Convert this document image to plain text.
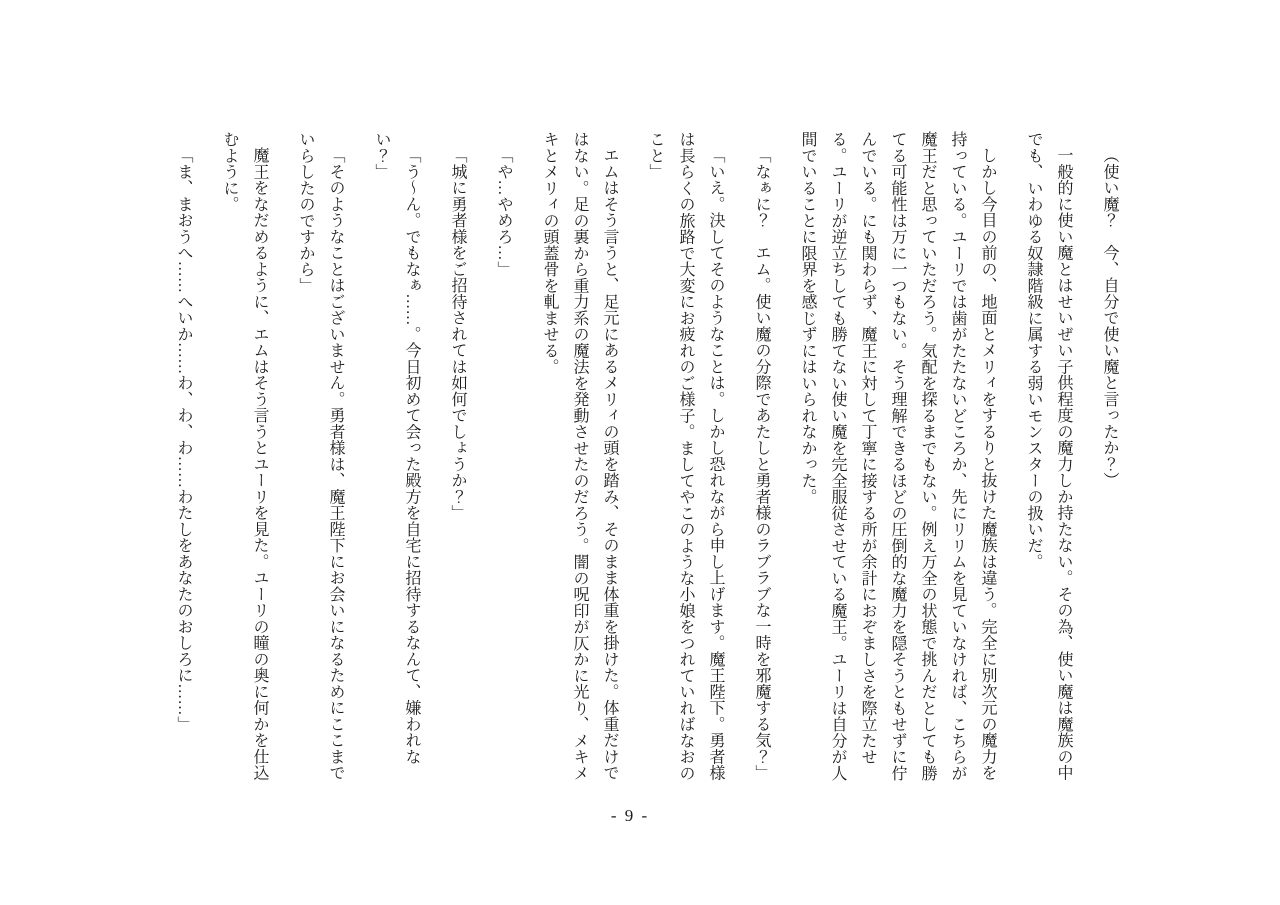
（使い魔？　今、自分で使い魔と言ったか？）

一般的に使い魔とはせいぜい子供程度の魔力しか持たない。その為、使い魔は魔族の中でも、いわゆる奴隷階級に属する弱いモンスターの扱いだ。

しかし今目の前の、地面とメリィをするりと抜けた魔族は違う。完全に別次元の魔力を持っている。ユーリでは歯がたたないどころか、先にリリムを見ていなければ、こちらが魔王だと思っていただろう。気配を探るまでもない。例え万全の状態で挑んだとしても勝てる可能性は万に一つもない。そう理解できるほどの圧倒的な魔力を隠そうともせずに佇んでいる。にも関わらず、魔王に対して丁寧に接する所が余計におぞましさを際立たせる。ユーリが逆立ちしても勝てない使い魔を完全服従させている魔王。ユーリは自分が人間でいることに限界を感じずにはいられなかった。

「なぁに？　エム。使い魔の分際であたしと勇者様のラブラブな一時を邪魔する気？」

「いえ。決してそのようなことは。しかし恐れながら申し上げます。魔王陛下。勇者様は長らくの旅路で大変にお疲れのご様子。ましてやこのような小娘をつれていればなおのこと」

エムはそう言うと、足元にあるメリィの頭を踏み、そのまま体重を掛けた。体重だけではない。足の裏から重力系の魔法を発動させたのだろう。闇の呪印が仄かに光り、メキメキとメリィの頭蓋骨を軋ませる。

「や…やめろ…」

「城に勇者様をご招待されては如何でしょうか？」

「う〜ん。でもなぁ……。今日初めて会った殿方を自宅に招待するなんて、嫌われない？」

「そのようなことはございません。勇者様は、魔王陛下にお会いになるためにここまでいらしたのですから」

魔王をなだめるように、エムはそう言うとユーリを見た。ユーリの瞳の奥に何かを仕込むように。

「ま、まおうへ……へいか……わ、わ、わ……わたしをあなたのおしろに……」

- 9 -
